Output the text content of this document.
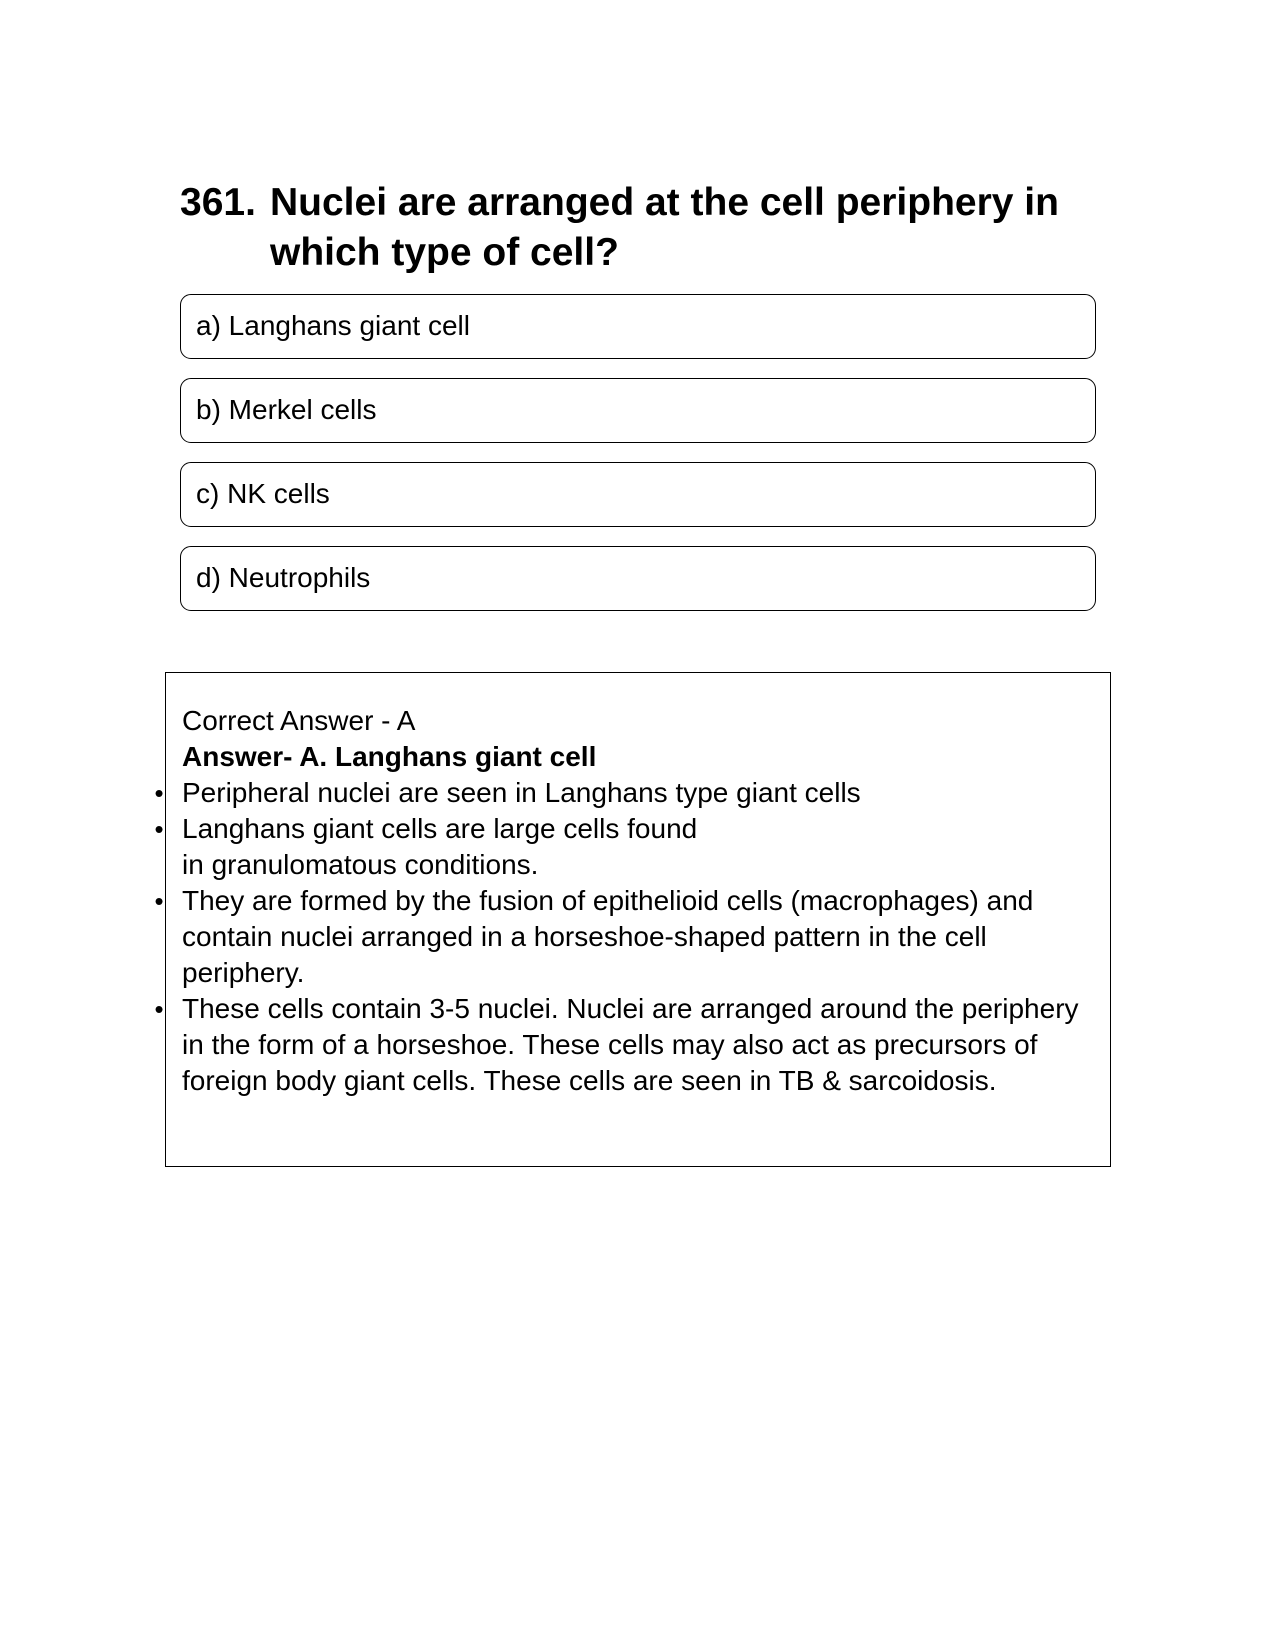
361. Nuclei are arranged at the cell periphery in which type of cell?
a) Langhans giant cell
b) Merkel cells
c) NK cells
d) Neutrophils

Correct Answer - A

Answer- A. Langhans giant cell

• Peripheral nuclei are seen in Langhans type giant cells
• Langhans giant cells are large cells found
in granulomatous conditions.
• They are formed by the fusion of epithelioid cells (macrophages) and contain nuclei arranged in a horseshoe-shaped pattern in the cell periphery.
• These cells contain 3-5 nuclei. Nuclei are arranged around the periphery in the form of a horseshoe. These cells may also act as precursors of foreign body giant cells. These cells are seen in TB & sarcoidosis.
